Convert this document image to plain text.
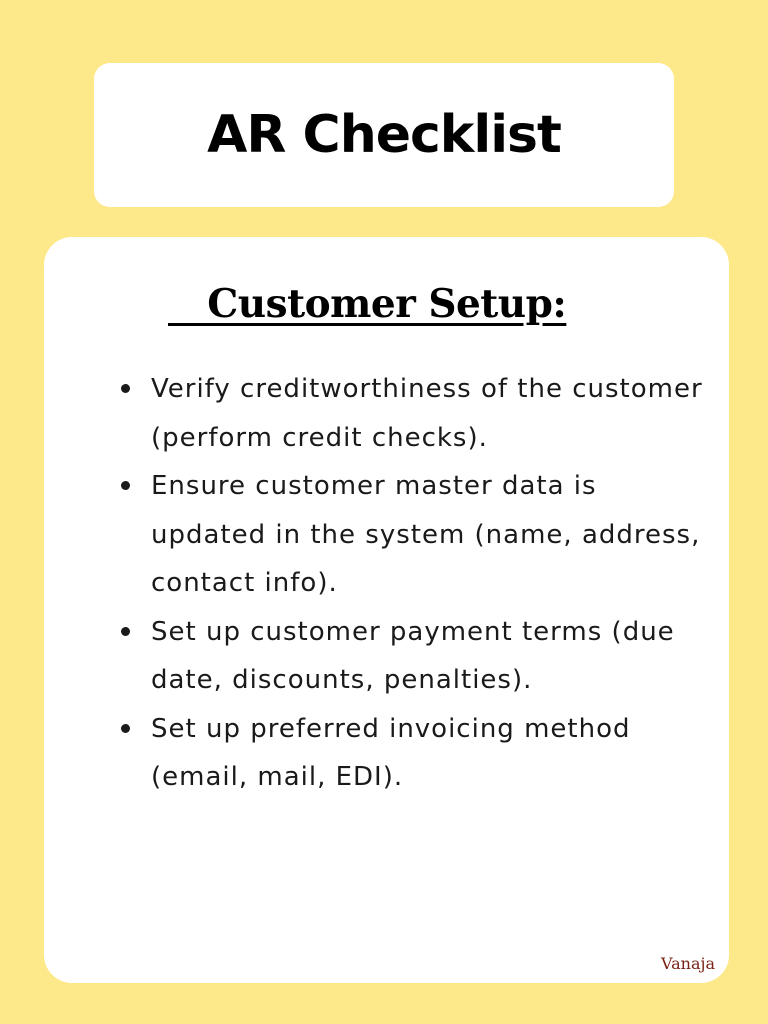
AR Checklist
Customer Setup:
Verify creditworthiness of the customer (perform credit checks).
Ensure customer master data is updated in the system (name, address, contact info).
Set up customer payment terms (due date, discounts, penalties).
Set up preferred invoicing method (email, mail, EDI).
Vanaja
